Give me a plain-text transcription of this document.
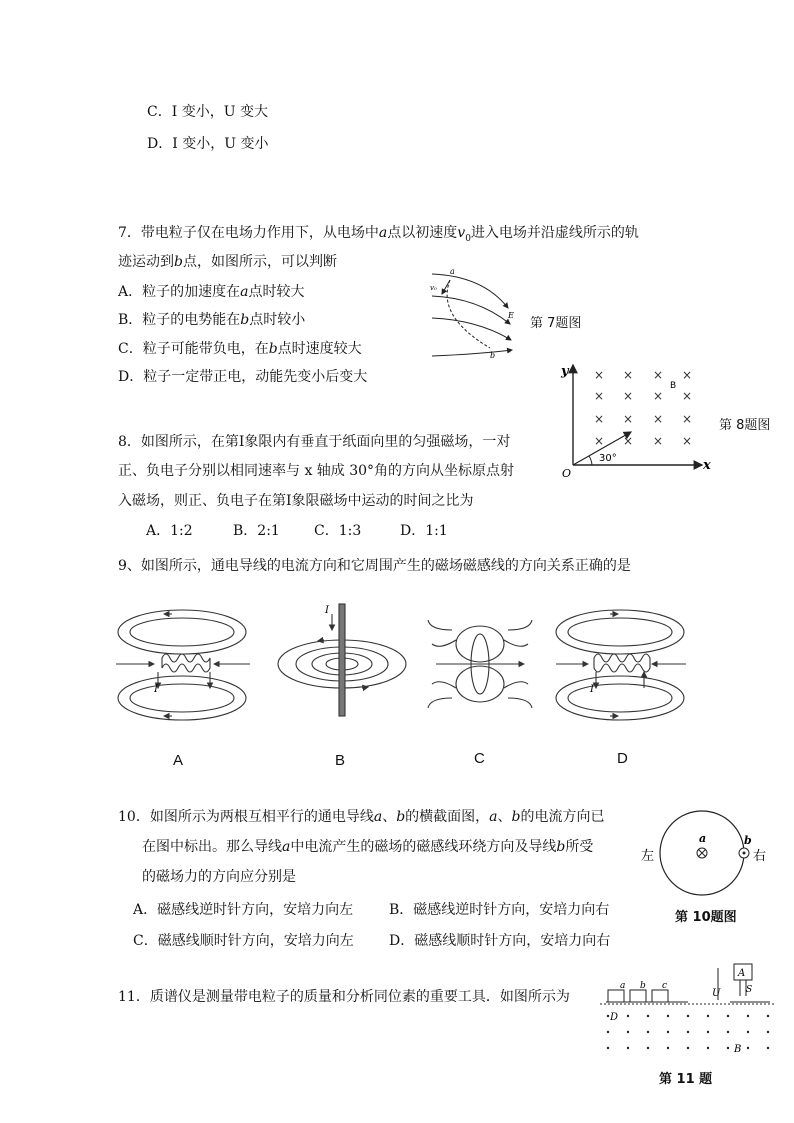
C．I 变小，U 变大
D．I 变小，U 变小
7．带电粒子仅在电场力作用下，从电场中a点以初速度$v_0$进入电场并沿虚线所示的轨
迹运动到b点，如图所示，可以判断
A．粒子的加速度在a点时较大
B．粒子的电势能在b点时较小
C．粒子可能带负电，在b点时速度较大
D．粒子一定带正电，动能先变小后变大
a
v₀
E
b
第 7题图
× × × ×
× × × ×
× × × ×
× × × ×
y
x
O
B
30°
第 8题图
8．如图所示，在第Ⅰ象限内有垂直于纸面向里的匀强磁场，一对
正、负电子分别以相同速率与 x 轴成 30°角的方向从坐标原点射
入磁场，则正、负电子在第Ⅰ象限磁场中运动的时间之比为
A．1:2	B．2:1 C．1:3	D．1:1
9、如图所示，通电导线的电流方向和它周围产生的磁场磁感线的方向关系正确的是
I
I
I
A	B	C	D
10．如图所示为两根互相平行的通电导线a、b的横截面图，a、b的电流方向已
在图中标出。那么导线a中电流产生的磁场的磁感线环绕方向及导线b所受
的磁场力的方向应分别是
A．磁感线逆时针方向，安培力向左	B．磁感线逆时针方向，安培力向右
C．磁感线顺时针方向，安培力向左	D．磁感线顺时针方向，安培力向右
a	b
左	右
第 10题图
11．质谱仪是测量带电粒子的质量和分析同位素的重要工具．如图所示为
a b c
D
U
A
S
B
第 11 题
